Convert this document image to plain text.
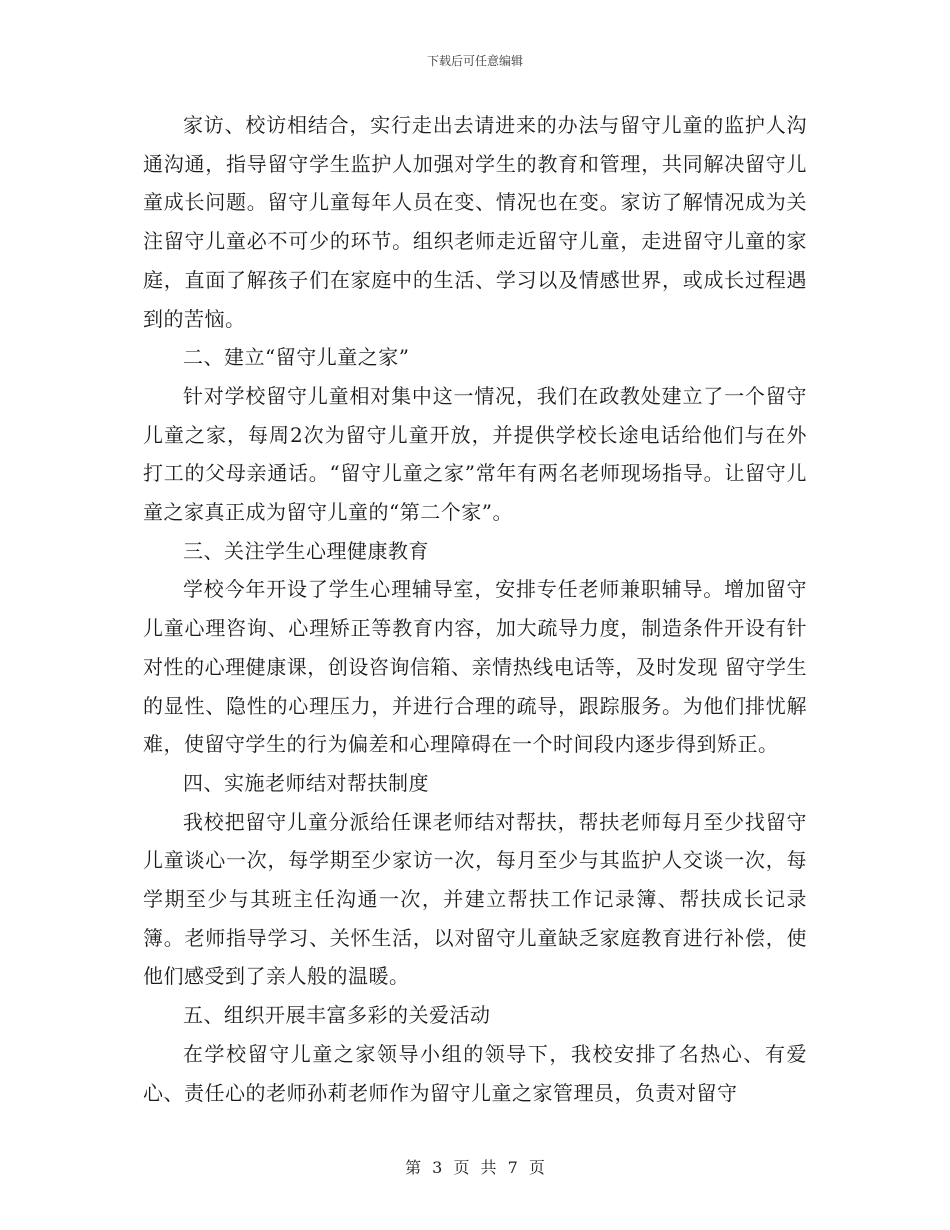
下载后可任意编辑

家访、校访相结合，实行走出去请进来的办法与留守儿童的监护人沟通沟通，指导留守学生监护人加强对学生的教育和管理，共同解决留守儿童成长问题。留守儿童每年人员在变、情况也在变。家访了解情况成为关注留守儿童必不可少的环节。组织老师走近留守儿童，走进留守儿童的家庭，直面了解孩子们在家庭中的生活、学习以及情感世界，或成长过程遇到的苦恼。

二、建立“留守儿童之家”

针对学校留守儿童相对集中这一情况，我们在政教处建立了一个留守儿童之家，每周2次为留守儿童开放，并提供学校长途电话给他们与在外打工的父母亲通话。“留守儿童之家”常年有两名老师现场指导。让留守儿童之家真正成为留守儿童的“第二个家”。

三、关注学生心理健康教育

学校今年开设了学生心理辅导室，安排专任老师兼职辅导。增加留守儿童心理咨询、心理矫正等教育内容，加大疏导力度，制造条件开设有针对性的心理健康课，创设咨询信箱、亲情热线电话等，及时发现 留守学生 的显性、隐性的心理压力，并进行合理的疏导，跟踪服务。为他们排忧解难，使留守学生的行为偏差和心理障碍在一个时间段内逐步得到矫正。

四、实施老师结对帮扶制度

我校把留守儿童分派给任课老师结对帮扶，帮扶老师每月至少找留守儿童谈心一次，每学期至少家访一次，每月至少与其监护人交谈一次，每学期至少与其班主任沟通一次，并建立帮扶工作记录簿、帮扶成长记录簿。老师指导学习、关怀生活，以对留守儿童缺乏家庭教育进行补偿，使他们感受到了亲人般的温暖。

五、组织开展丰富多彩的关爱活动

在学校留守儿童之家领导小组的领导下，我校安排了名热心、有爱心、责任心的老师孙莉老师作为留守儿童之家管理员，负责对留守

第 3 页 共 7 页
